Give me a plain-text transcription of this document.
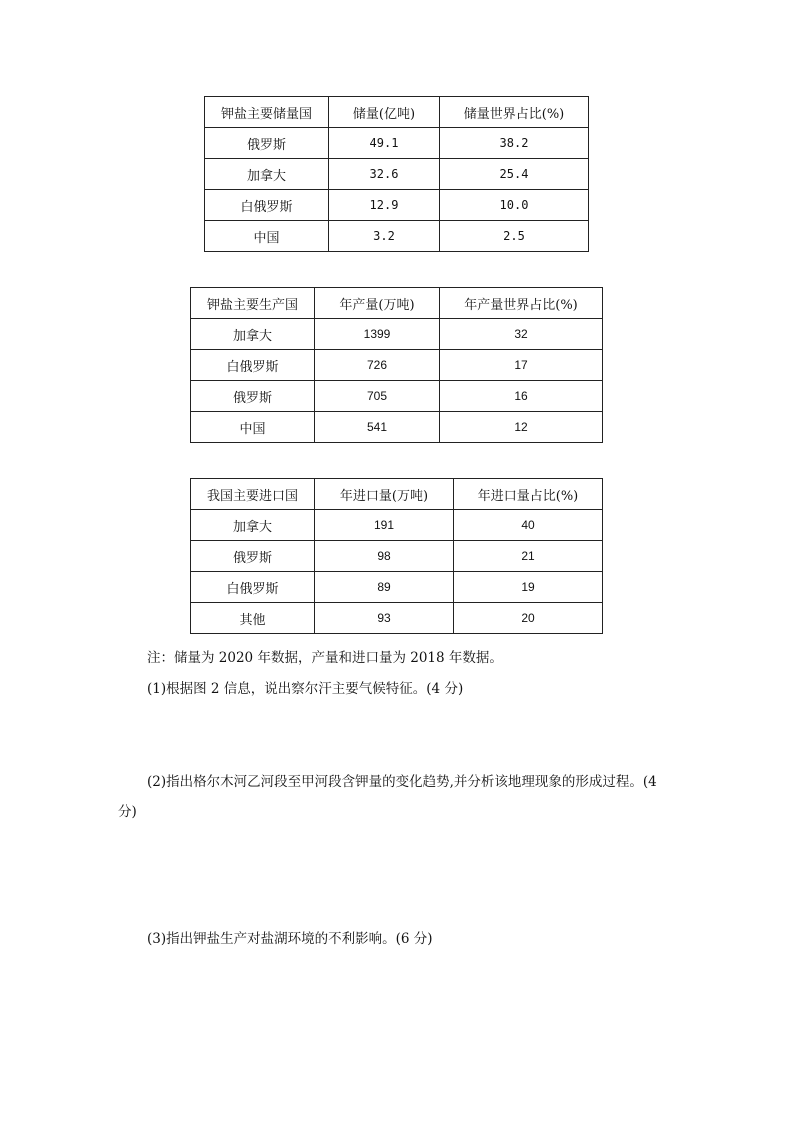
钾盐主要储量国	储量(亿吨)	储量世界占比(%)
俄罗斯	49.1	38.2
加拿大	32.6	25.4
白俄罗斯	12.9	10.0
中国	3.2	2.5
钾盐主要生产国	年产量(万吨)	年产量世界占比(%)
加拿大	1399	32
白俄罗斯	726	17
俄罗斯	705	16
中国	541	12
我国主要进口国	年进口量(万吨)	年进口量占比(%)
加拿大	191	40
俄罗斯	98	21
白俄罗斯	89	19
其他	93	20
注：储量为 2020 年数据，产量和进口量为 2018 年数据。
(1)根据图 2 信息，说出察尔汗主要气候特征。(4 分)
(2)指出格尔木河乙河段至甲河段含钾量的变化趋势,并分析该地理现象的形成过程。(4
分)
(3)指出钾盐生产对盐湖环境的不利影响。(6 分)
